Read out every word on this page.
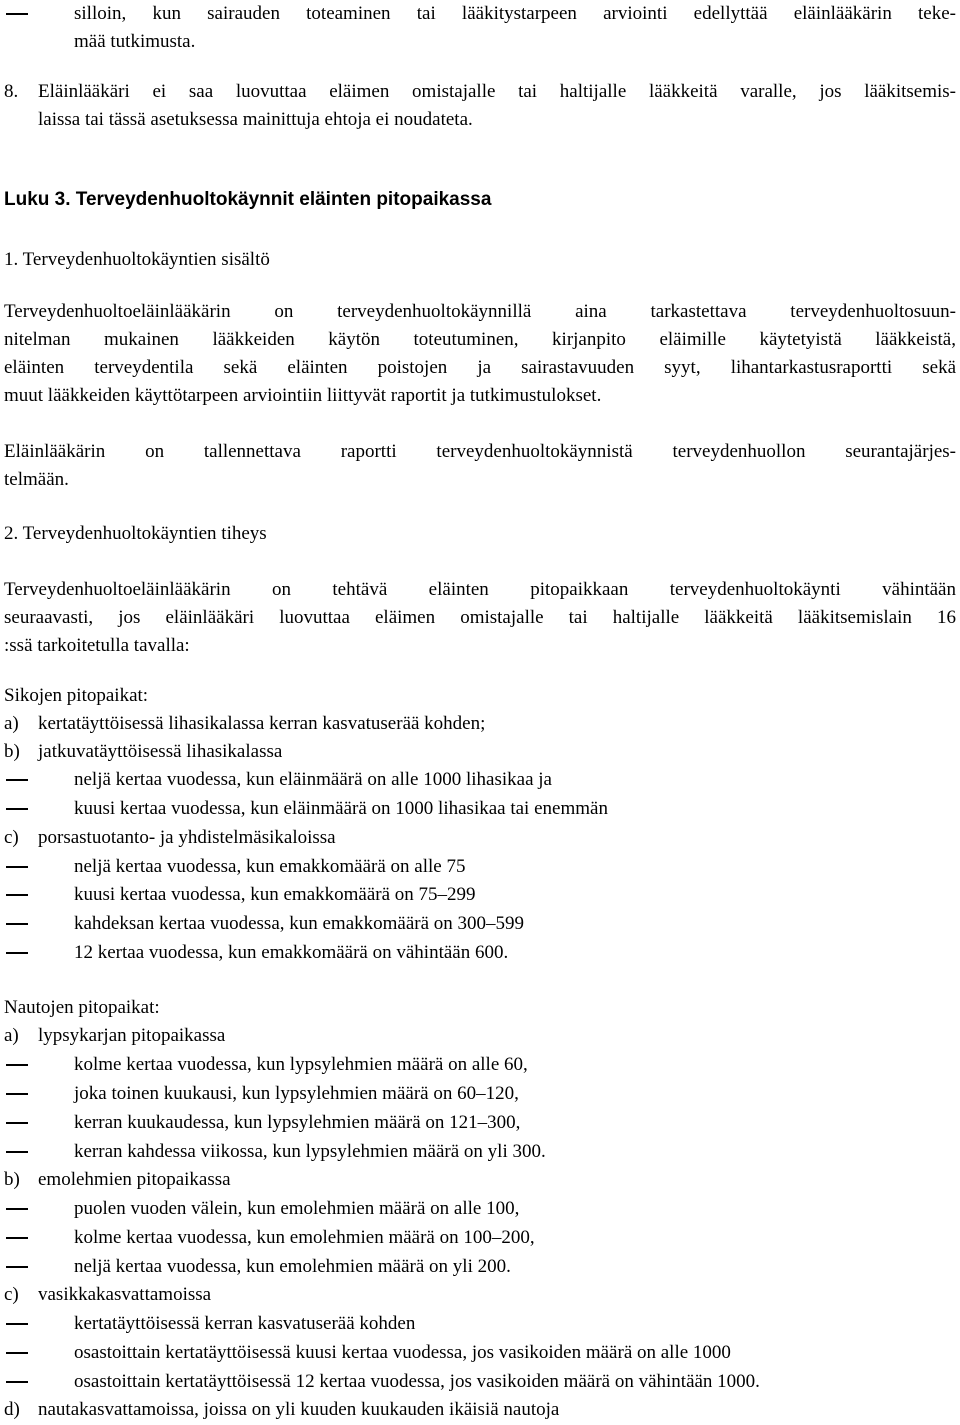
silloin, kun sairauden toteaminen tai lääkitystarpeen arviointi edellyttää eläinlääkärin teke-
mää tutkimusta.
8. Eläinlääkäri ei saa luovuttaa eläimen omistajalle tai haltijalle lääkkeitä varalle, jos lääkitsemis-
laissa tai tässä asetuksessa mainittuja ehtoja ei noudateta.
Luku 3. Terveydenhuoltokäynnit eläinten pitopaikassa
1. Terveydenhuoltokäyntien sisältö
Terveydenhuoltoeläinlääkärin on terveydenhuoltokäynnillä aina tarkastettava terveydenhuoltosuun-
nitelman mukainen lääkkeiden käytön toteutuminen, kirjanpito eläimille käytetyistä lääkkeistä,
eläinten terveydentila sekä eläinten poistojen ja sairastavuuden syyt, lihantarkastusraportti sekä
muut lääkkeiden käyttötarpeen arviointiin liittyvät raportit ja tutkimustulokset.
Eläinlääkärin on tallennettava raportti terveydenhuoltokäynnistä terveydenhuollon seurantajärjes-
telmään.
2. Terveydenhuoltokäyntien tiheys
Terveydenhuoltoeläinlääkärin on tehtävä eläinten pitopaikkaan terveydenhuoltokäynti vähintään
seuraavasti, jos eläinlääkäri luovuttaa eläimen omistajalle tai haltijalle lääkkeitä lääkitsemislain 16
:ssä tarkoitetulla tavalla:
Sikojen pitopaikat:
a) kertatäyttöisessä lihasikalassa kerran kasvatuserää kohden;
b) jatkuvatäyttöisessä lihasikalassa
neljä kertaa vuodessa, kun eläinmäärä on alle 1000 lihasikaa ja
kuusi kertaa vuodessa, kun eläinmäärä on 1000 lihasikaa tai enemmän
c) porsastuotanto- ja yhdistelmäsikaloissa
neljä kertaa vuodessa, kun emakkomäärä on alle 75
kuusi kertaa vuodessa, kun emakkomäärä on 75–299
kahdeksan kertaa vuodessa, kun emakkomäärä on 300–599
12 kertaa vuodessa, kun emakkomäärä on vähintään 600.
Nautojen pitopaikat:
a) lypsykarjan pitopaikassa
kolme kertaa vuodessa, kun lypsylehmien määrä on alle 60,
joka toinen kuukausi, kun lypsylehmien määrä on 60–120,
kerran kuukaudessa, kun lypsylehmien määrä on 121–300,
kerran kahdessa viikossa, kun lypsylehmien määrä on yli 300.
b) emolehmien pitopaikassa
puolen vuoden välein, kun emolehmien määrä on alle 100,
kolme kertaa vuodessa, kun emolehmien määrä on 100–200,
neljä kertaa vuodessa, kun emolehmien määrä on yli 200.
c) vasikkakasvattamoissa
kertatäyttöisessä kerran kasvatuserää kohden
osastoittain kertatäyttöisessä kuusi kertaa vuodessa, jos vasikoiden määrä on alle 1000
osastoittain kertatäyttöisessä 12 kertaa vuodessa, jos vasikoiden määrä on vähintään 1000.
d) nautakasvattamoissa, joissa on yli kuuden kuukauden ikäisiä nautoja
